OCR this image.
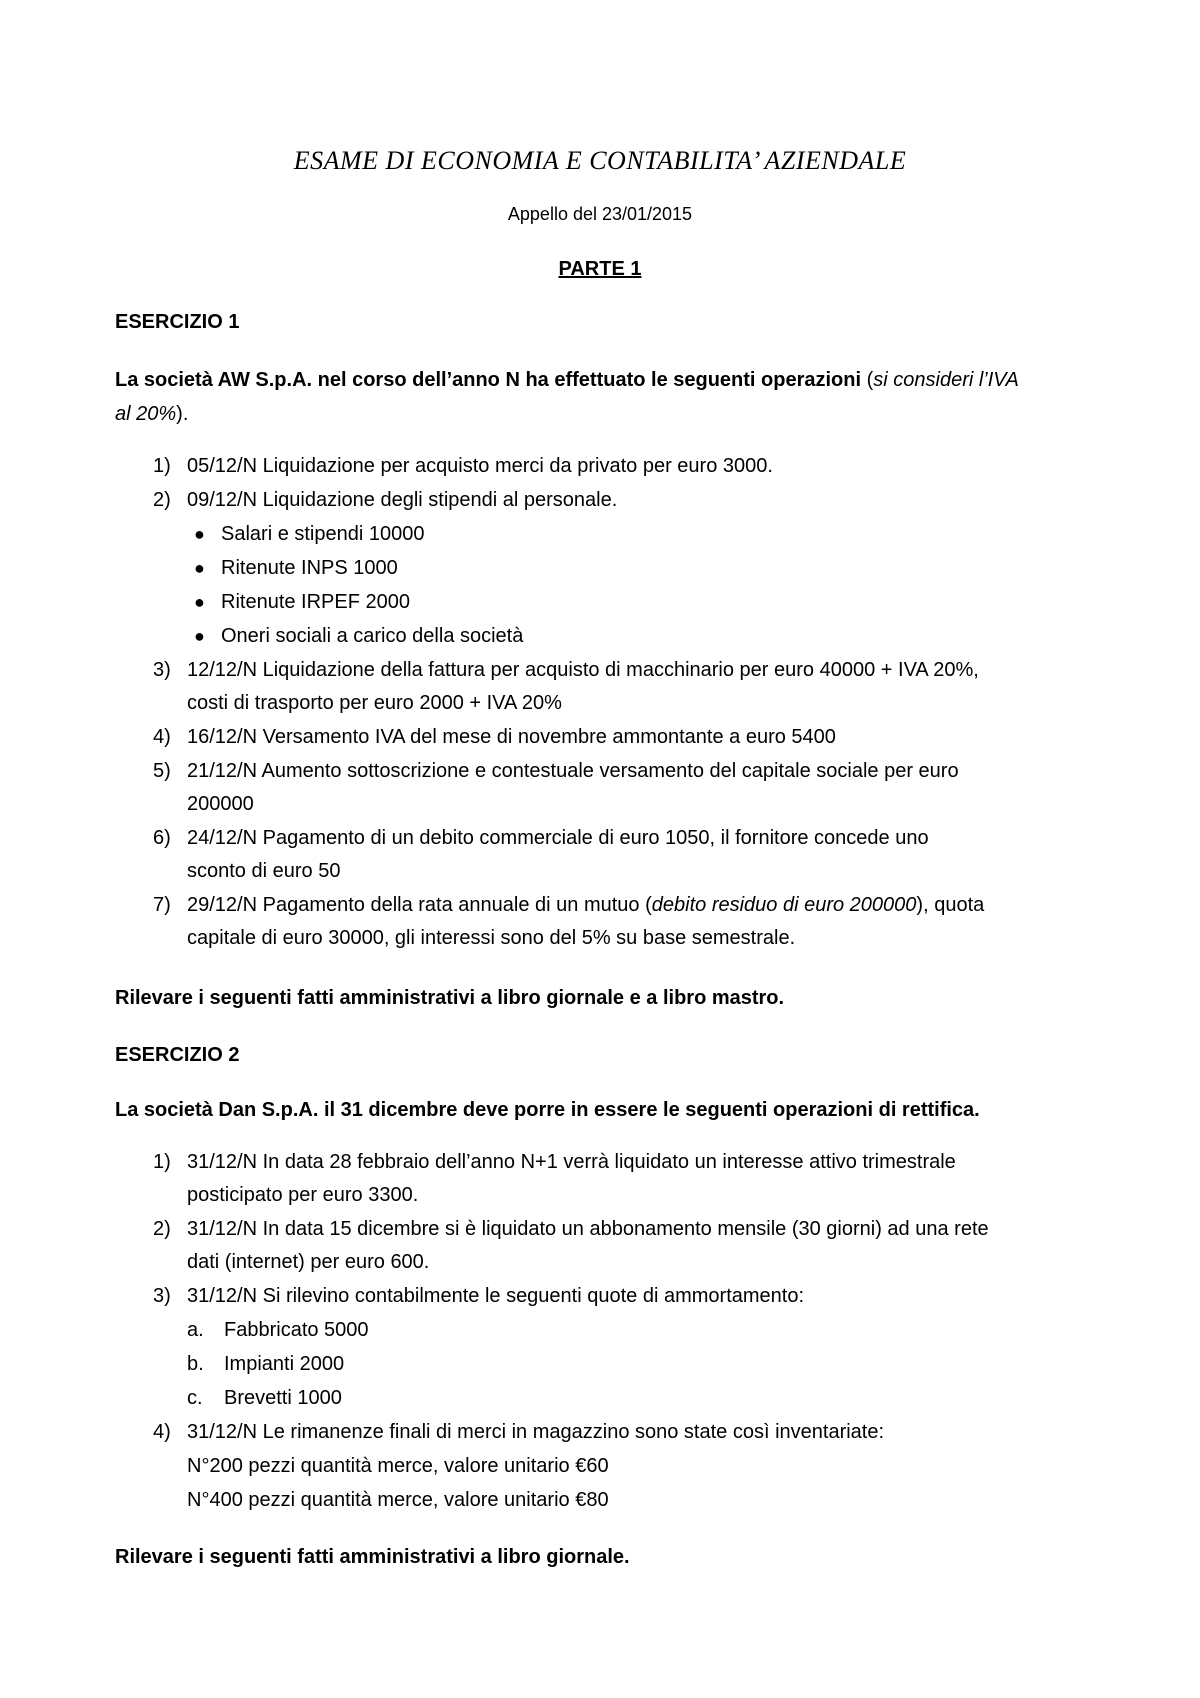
ESAME DI ECONOMIA E CONTABILITA’ AZIENDALE
Appello del 23/01/2015
PARTE 1
ESERCIZIO 1
La società AW S.p.A. nel corso dell’anno N ha effettuato le seguenti operazioni (si consideri l’IVA
al 20%).
1) 05/12/N Liquidazione per acquisto merci da privato per euro 3000.
2) 09/12/N Liquidazione degli stipendi al personale.
● Salari e stipendi 10000
● Ritenute INPS 1000
● Ritenute IRPEF 2000
● Oneri sociali a carico della società
3) 12/12/N Liquidazione della fattura per acquisto di macchinario per euro 40000 + IVA 20%,
costi di trasporto per euro 2000 + IVA 20%
4) 16/12/N Versamento IVA del mese di novembre ammontante a euro 5400
5) 21/12/N Aumento sottoscrizione e contestuale versamento del capitale sociale per euro
200000
6) 24/12/N Pagamento di un debito commerciale di euro 1050, il fornitore concede uno
sconto di euro 50
7) 29/12/N Pagamento della rata annuale di un mutuo (debito residuo di euro 200000), quota
capitale di euro 30000, gli interessi sono del 5% su base semestrale.
Rilevare i seguenti fatti amministrativi a libro giornale e a libro mastro.
ESERCIZIO 2
La società Dan S.p.A. il 31 dicembre deve porre in essere le seguenti operazioni di rettifica.
1) 31/12/N In data 28 febbraio dell’anno N+1 verrà liquidato un interesse attivo trimestrale
posticipato per euro 3300.
2) 31/12/N In data 15 dicembre si è liquidato un abbonamento mensile (30 giorni) ad una rete
dati (internet) per euro 600.
3) 31/12/N Si rilevino contabilmente le seguenti quote di ammortamento:
a. Fabbricato 5000
b. Impianti 2000
c. Brevetti 1000
4) 31/12/N Le rimanenze finali di merci in magazzino sono state così inventariate:
N°200 pezzi quantità merce, valore unitario €60
N°400 pezzi quantità merce, valore unitario €80
Rilevare i seguenti fatti amministrativi a libro giornale.
